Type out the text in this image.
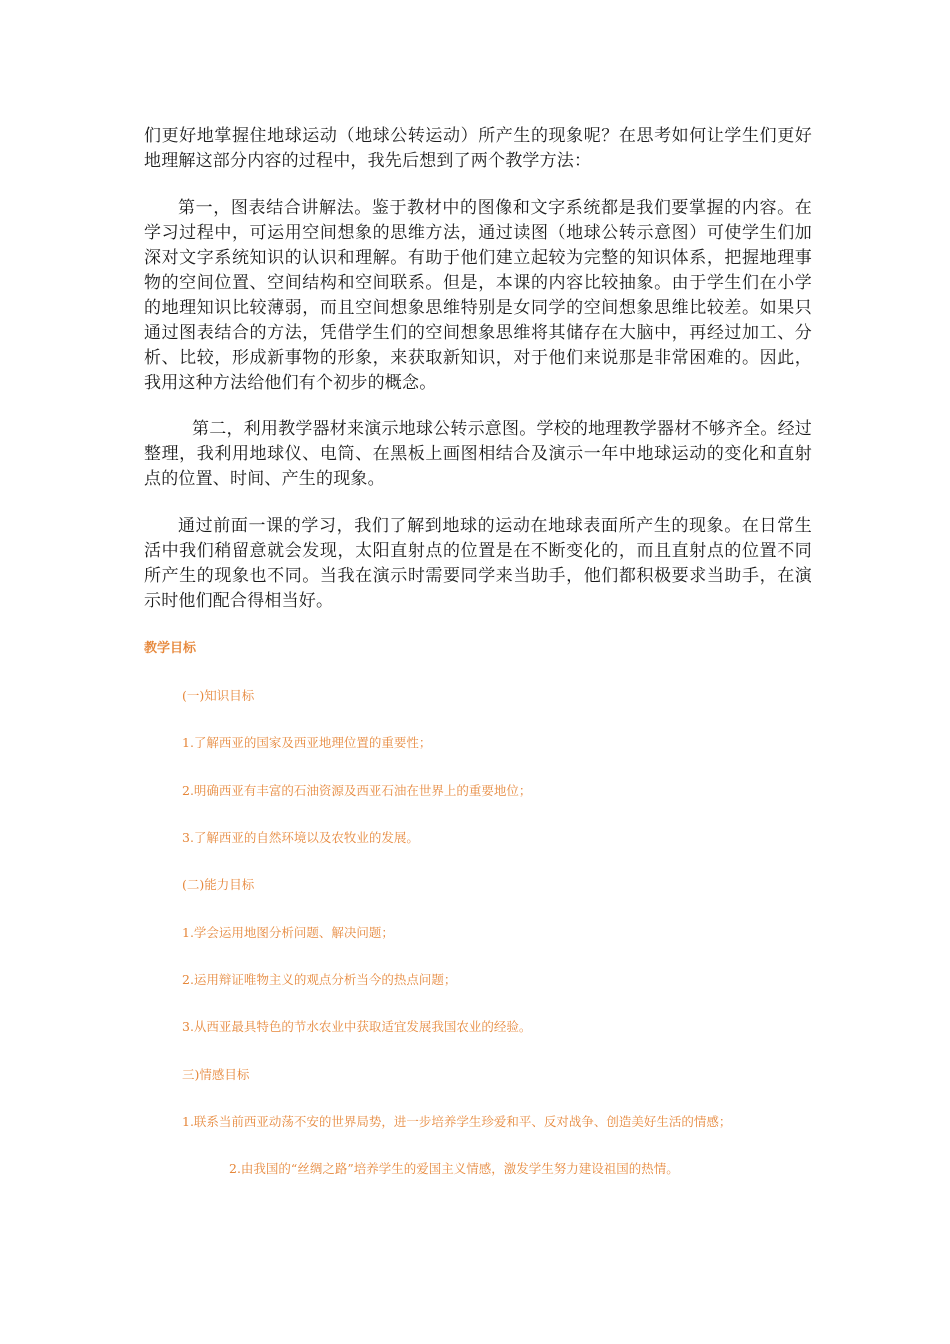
们更好地掌握住地球运动（地球公转运动）所产生的现象呢？在思考如何让学生们更好地理解这部分内容的过程中，我先后想到了两个教学方法：

第一，图表结合讲解法。鉴于教材中的图像和文字系统都是我们要掌握的内容。在学习过程中，可运用空间想象的思维方法，通过读图（地球公转示意图）可使学生们加深对文字系统知识的认识和理解。有助于他们建立起较为完整的知识体系，把握地理事物的空间位置、空间结构和空间联系。但是，本课的内容比较抽象。由于学生们在小学的地理知识比较薄弱，而且空间想象思维特别是女同学的空间想象思维比较差。如果只通过图表结合的方法，凭借学生们的空间想象思维将其储存在大脑中，再经过加工、分析、比较，形成新事物的形象，来获取新知识，对于他们来说那是非常困难的。因此，我用这种方法给他们有个初步的概念。

第二，利用教学器材来演示地球公转示意图。学校的地理教学器材不够齐全。经过整理，我利用地球仪、电筒、在黑板上画图相结合及演示一年中地球运动的变化和直射点的位置、时间、产生的现象。

通过前面一课的学习，我们了解到地球的运动在地球表面所产生的现象。在日常生活中我们稍留意就会发现，太阳直射点的位置是在不断变化的，而且直射点的位置不同所产生的现象也不同。当我在演示时需要同学来当助手，他们都积极要求当助手，在演示时他们配合得相当好。

教学目标

(一)知识目标

1.了解西亚的国家及西亚地理位置的重要性；

2.明确西亚有丰富的石油资源及西亚石油在世界上的重要地位；

3.了解西亚的自然环境以及农牧业的发展。

(二)能力目标

1.学会运用地图分析问题、解决问题；

2.运用辩证唯物主义的观点分析当今的热点问题；

3.从西亚最具特色的节水农业中获取适宜发展我国农业的经验。

三)情感目标

1.联系当前西亚动荡不安的世界局势，进一步培养学生珍爱和平、反对战争、创造美好生活的情感；

2.由我国的“丝绸之路”培养学生的爱国主义情感，激发学生努力建设祖国的热情。
